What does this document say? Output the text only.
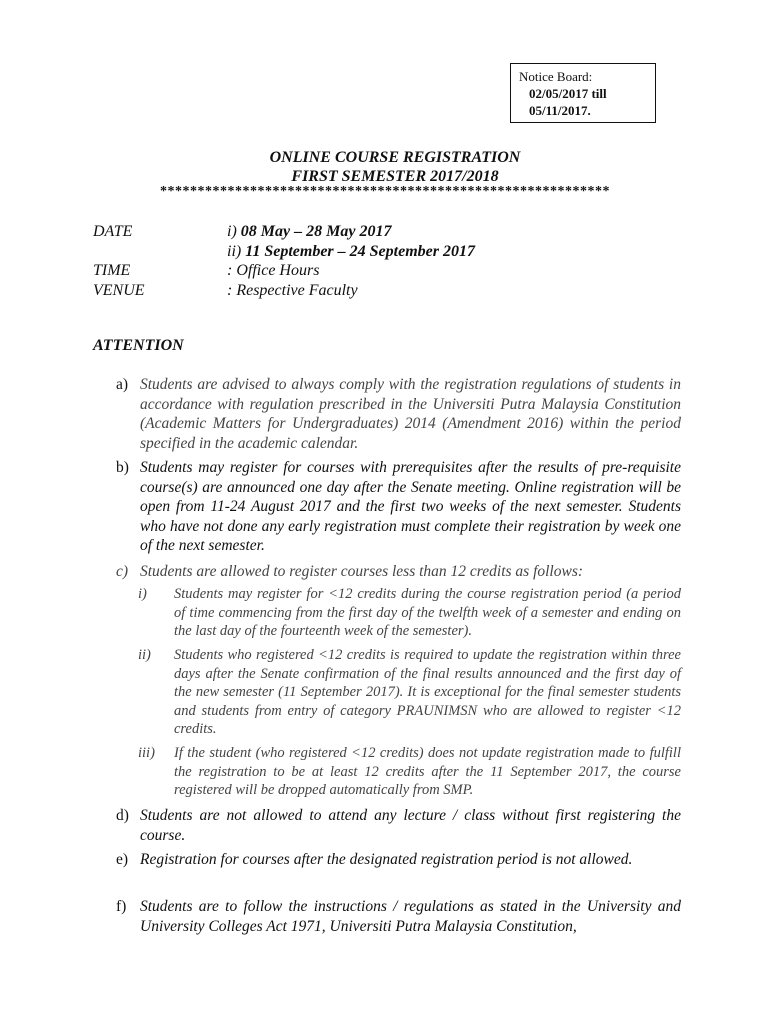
Notice Board:
02/05/2017 till
05/11/2017.
ONLINE COURSE REGISTRATION
FIRST SEMESTER 2017/2018
************************************************************
DATE	i) 08 May – 28 May 2017
ii) 11 September – 24 September 2017
TIME	: Office Hours
VENUE	: Respective Faculty
ATTENTION
a) Students are advised to always comply with the registration regulations of students in accordance with regulation prescribed in the Universiti Putra Malaysia Constitution (Academic Matters for Undergraduates) 2014 (Amendment 2016) within the period specified in the academic calendar.
b) Students may register for courses with prerequisites after the results of pre-requisite course(s) are announced one day after the Senate meeting. Online registration will be open from 11-24 August 2017 and the first two weeks of the next semester. Students who have not done any early registration must complete their registration by week one of the next semester.
c) Students are allowed to register courses less than 12 credits as follows:
i) Students may register for <12 credits during the course registration period (a period of time commencing from the first day of the twelfth week of a semester and ending on the last day of the fourteenth week of the semester).
ii) Students who registered <12 credits is required to update the registration within three days after the Senate confirmation of the final results announced and the first day of the new semester (11 September 2017). It is exceptional for the final semester students and students from entry of category PRAUNIMSN who are allowed to register <12 credits.
iii) If the student (who registered <12 credits) does not update registration made to fulfill the registration to be at least 12 credits after the 11 September 2017, the course registered will be dropped automatically from SMP.
d) Students are not allowed to attend any lecture / class without first registering the course.
e) Registration for courses after the designated registration period is not allowed.
f) Students are to follow the instructions / regulations as stated in the University and University Colleges Act 1971, Universiti Putra Malaysia Constitution,
